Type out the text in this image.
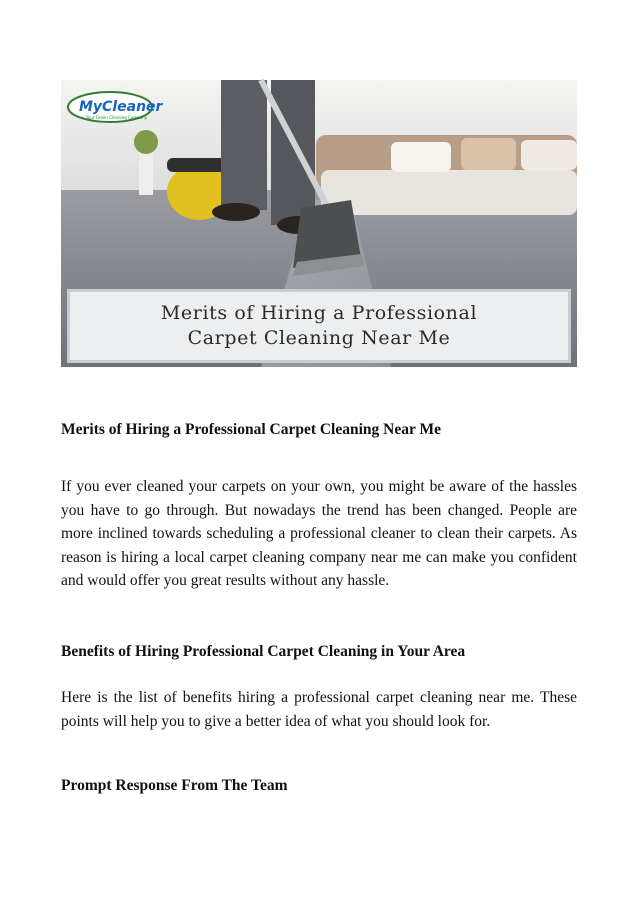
MyCleaner
Your Green Cleaning Company
Merits of Hiring a Professional
Carpet Cleaning Near Me
Merits of Hiring a Professional Carpet Cleaning Near Me

If you ever cleaned your carpets on your own, you might be aware of the hassles you have to go through. But nowadays the trend has been changed. People are more inclined towards scheduling a professional cleaner to clean their carpets. As reason is hiring a local carpet cleaning company near me can make you confident and would offer you great results without any hassle.

Benefits of Hiring Professional Carpet Cleaning in Your Area

Here is the list of benefits hiring a professional carpet cleaning near me. These points will help you to give a better idea of what you should look for.

Prompt Response From The Team
